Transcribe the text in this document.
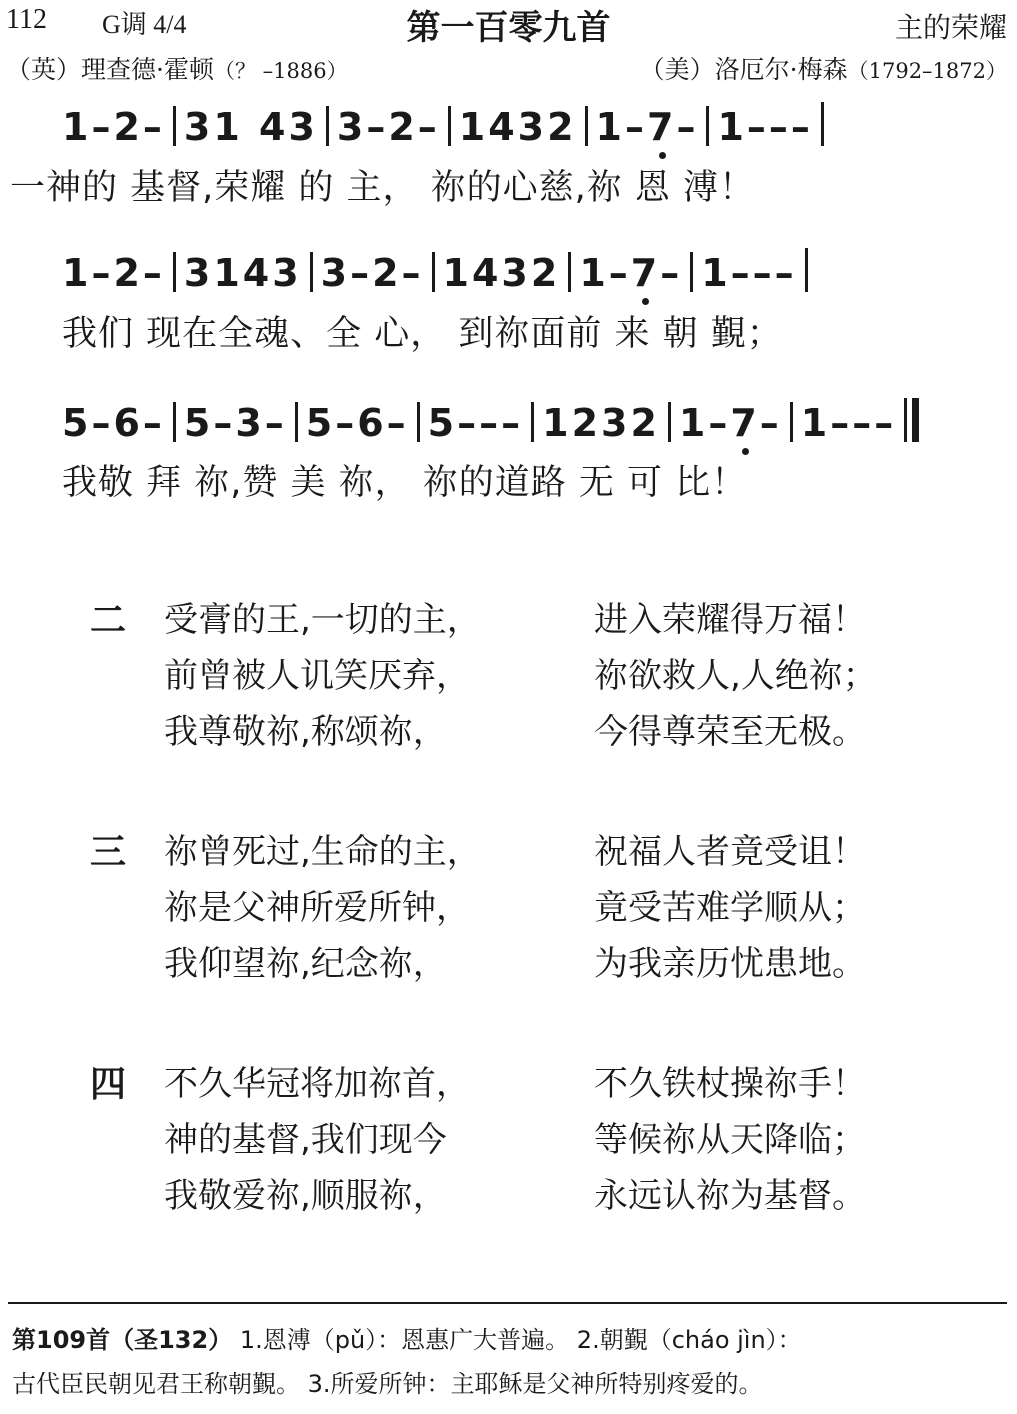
112 G调 4/4	第一百零九首	主的荣耀
（英）理查德·霍顿（？ –1886）	（美）洛厄尔·梅森（1792–1872）
1–2– 31 43 3–2– 1432 1–7
– 1–––
一神的 基督,荣耀 的 主， 祢的心慈,祢 恩 溥！
1–2– 3143 3–2– 1432 1–7
– 1–––
我们 现在全魂、全 心， 到祢面前 来 朝 覲；
5–6– 5–3– 5–6– 5––– 1232 1–7
– 1–––
我敬 拜 祢,赞 美 祢， 祢的道路 无 可 比！
二 受膏的王,一切的主，	进入荣耀得万福！
前曾被人讥笑厌弃，	祢欲救人,人绝祢；
我尊敬祢,称颂祢，	今得尊荣至无极。
三 祢曾死过,生命的主，	祝福人者竟受诅！
祢是父神所爱所钟，	竟受苦难学顺从；
我仰望祢,纪念祢，	为我亲历忧患地。
四 不久华冠将加祢首，	不久铁杖操祢手！
神的基督,我们现今	等候祢从天降临；
我敬爱祢,顺服祢，	永远认祢为基督。
第109首（圣132） 1.恩溥（pǔ）：恩惠广大普遍。 2.朝覲（cháo jìn）：
古代臣民朝见君王称朝覲。 3.所爱所钟：主耶稣是父神所特别疼爱的。
